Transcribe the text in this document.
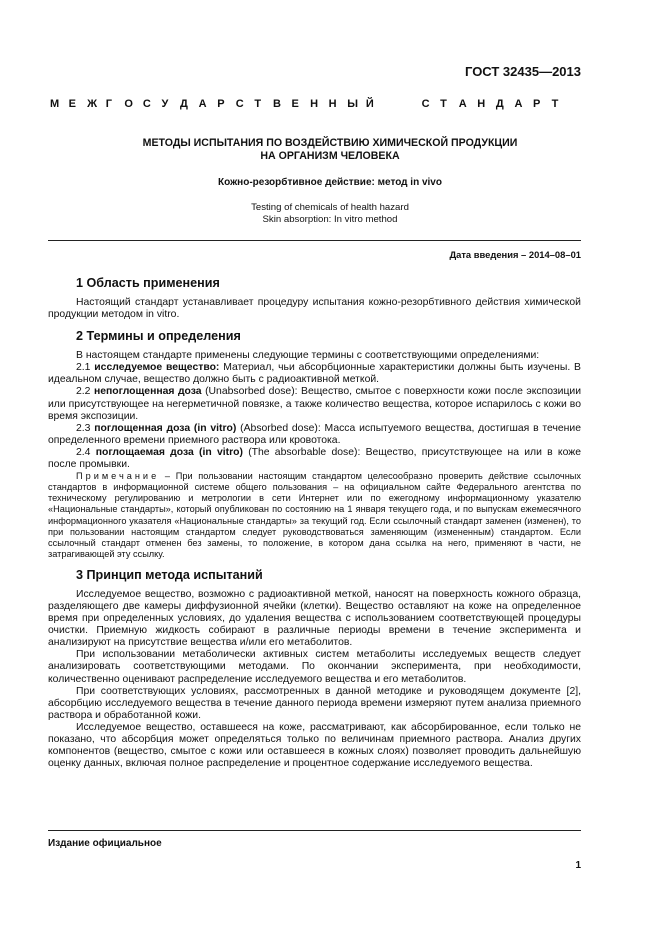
ГОСТ 32435—2013
М Е	Ж Г	О С У	Д А Р	С Т	В Е	Н Н Ы Й

	С Т	А Н Д А Р	Т
МЕТОДЫ ИСПЫТАНИЯ ПО ВОЗДЕЙСТВИЮ ХИМИЧЕСКОЙ ПРОДУКЦИИ
НА ОРГАНИЗМ ЧЕЛОВЕКА
Кожно-резорбтивное действие: метод in vivo
Testing of chemicals of health hazard
Skin absorption: In vitro method
Дата введения – 2014–08–01
1 Область применения

Настоящий стандарт устанавливает процедуру испытания кожно-резорбтивного действия химической продукции методом in vitro.

2 Термины и определения

В настоящем стандарте применены следующие термины с соответствующими определениями:

2.1 исследуемое вещество: Материал, чьи абсорбционные характеристики должны быть изучены. В идеальном случае, вещество должно быть с радиоактивной меткой.

2.2 непоглощенная доза (Unabsorbed dose): Вещество, смытое с поверхности кожи после экспозиции или присутствующее на негерметичной повязке, а также количество вещества, которое испарилось с кожи во время экспозиции.

2.3 поглощенная доза (in vitro) (Absorbed dose): Масса испытуемого вещества, достигшая в течение определенного времени приемного раствора или кровотока.

2.4 поглощаемая доза (in vitro) (The absorbable dose): Вещество, присутствующее на или в коже после промывки.

Примечание – При пользовании настоящим стандартом целесообразно проверить действие ссылочных стандартов в информационной системе общего пользования – на официальном сайте Федерального агентства по техническому регулированию и метрологии в сети Интернет или по ежегодному информационному указателю «Национальные стандарты», который опубликован по состоянию на 1 января текущего года, и по выпускам ежемесячного информационного указателя «Национальные стандарты» за текущий год. Если ссылочный стандарт заменен (изменен), то при пользовании настоящим стандартом следует руководствоваться заменяющим (измененным) стандартом. Если ссылочный стандарт отменен без замены, то положение, в котором дана ссылка на него, применяют в части, не затрагивающей эту ссылку.

3 Принцип метода испытаний

Исследуемое вещество, возможно с радиоактивной меткой, наносят на поверхность кожного образца, разделяющего две камеры диффузионной ячейки (клетки). Вещество оставляют на коже на определенное время при определенных условиях, до удаления вещества с использованием соответствующей процедуры очистки. Приемную жидкость собирают в различные периоды времени в течение эксперимента и анализируют на присутствие вещества и/или его метаболитов.

При использовании метаболически активных систем метаболиты исследуемых веществ следует анализировать соответствующими методами. По окончании эксперимента, при необходимости, количественно оценивают распределение исследуемого вещества и его метаболитов.

При соответствующих условиях, рассмотренных в данной методике и руководящем документе [2], абсорбцию исследуемого вещества в течение данного периода времени измеряют путем анализа приемного раствора и обработанной кожи.

Исследуемое вещество, оставшееся на коже, рассматривают, как абсорбированное, если только не показано, что абсорбция может определяться только по величинам приемного раствора. Анализ других компонентов (вещество, смытое с кожи или оставшееся в кожных слоях) позволяет проводить дальнейшую оценку данных, включая полное распределение и процентное содержание исследуемого вещества.

Издание официальное
1
